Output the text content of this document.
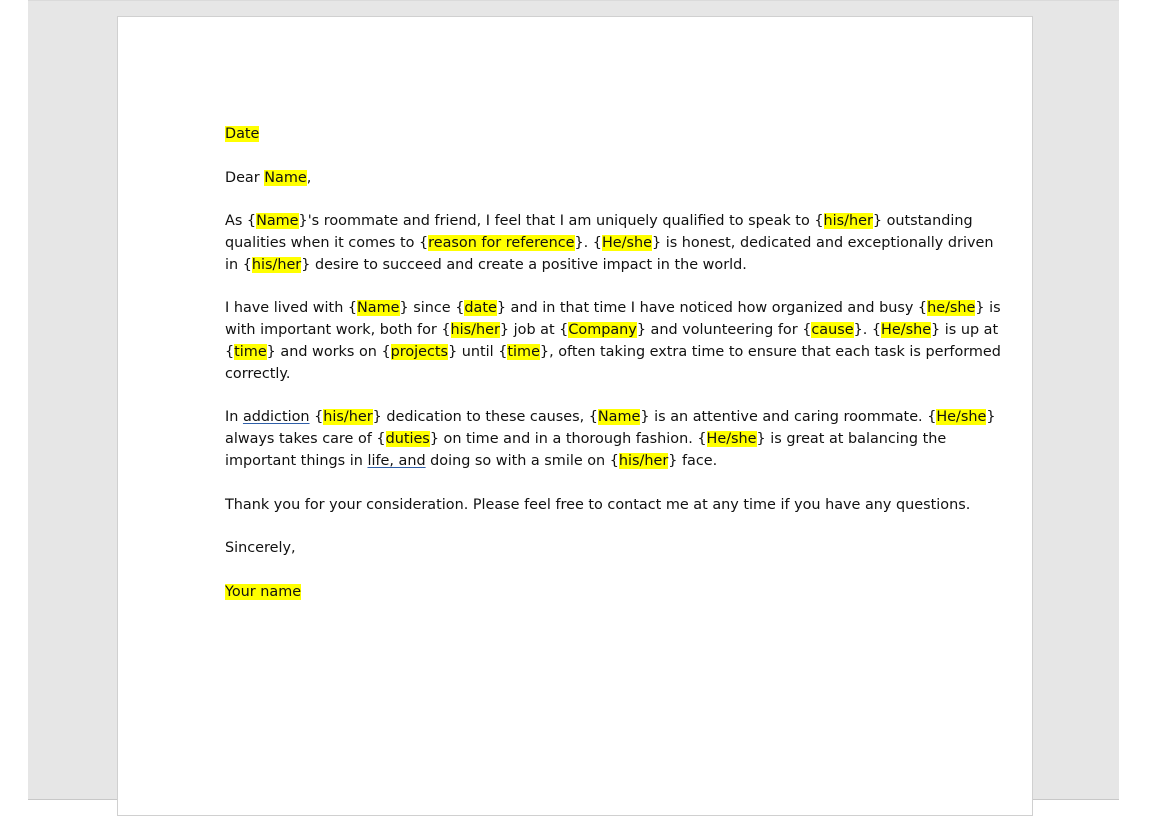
Date

Dear Name,

As {Name}'s roommate and friend, I feel that I am uniquely qualified to speak to {his/her} outstanding
qualities when it comes to {reason for reference}. {He/she} is honest, dedicated and exceptionally driven
in {his/her} desire to succeed and create a positive impact in the world.

I have lived with {Name} since {date} and in that time I have noticed how organized and busy {he/she} is
with important work, both for {his/her} job at {Company} and volunteering for {cause}. {He/she} is up at
{time} and works on {projects} until {time}, often taking extra time to ensure that each task is performed
correctly.

In addiction {his/her} dedication to these causes, {Name} is an attentive and caring roommate. {He/she}
always takes care of {duties} on time and in a thorough fashion. {He/she} is great at balancing the
important things in life, and doing so with a smile on {his/her} face.

Thank you for your consideration. Please feel free to contact me at any time if you have any questions.

Sincerely,

Your name
